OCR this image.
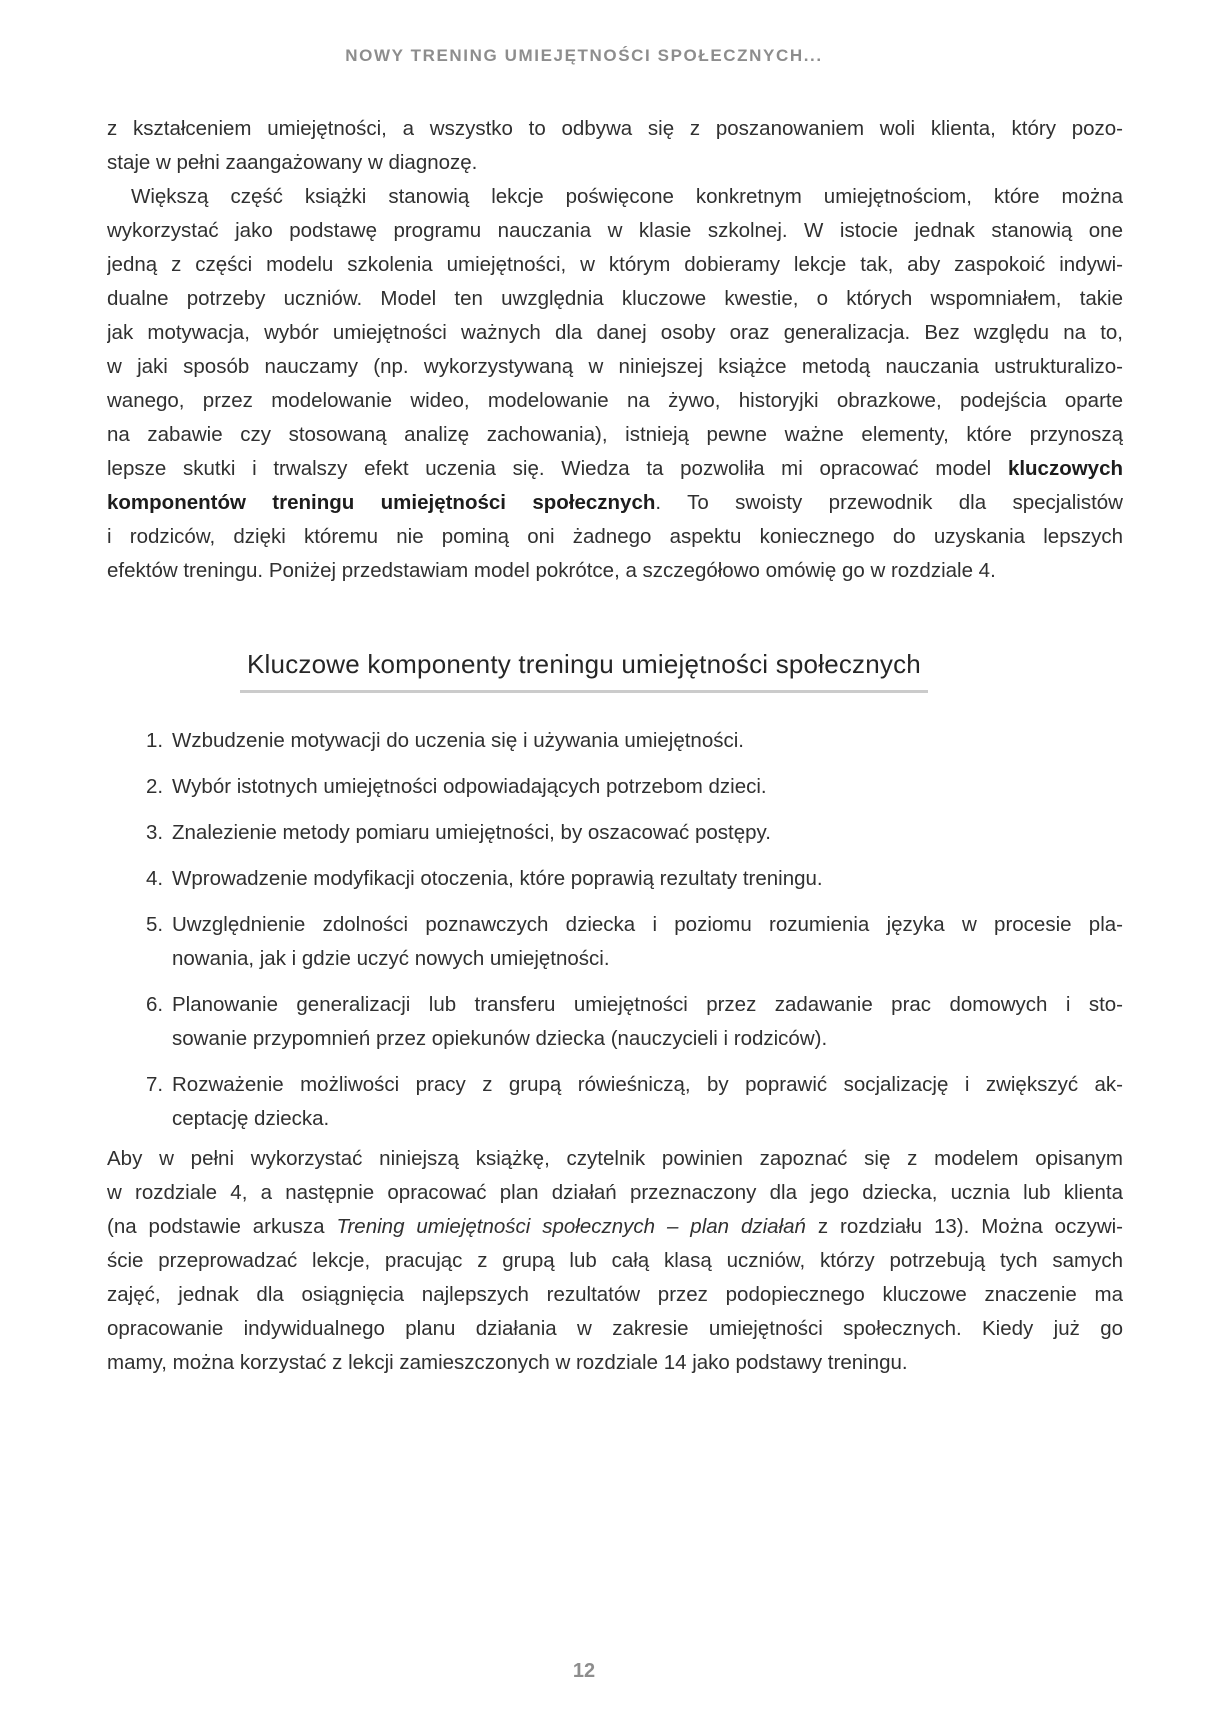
NOWY TRENING UMIEJĘTNOŚCI SPOŁECZNYCH...
z kształceniem umiejętności, a wszystko to odbywa się z poszanowaniem woli klienta, który pozo-
staje w pełni zaangażowany w diagnozę.
Większą część książki stanowią lekcje poświęcone konkretnym umiejętnościom, które można
wykorzystać jako podstawę programu nauczania w klasie szkolnej. W istocie jednak stanowią one
jedną z części modelu szkolenia umiejętności, w którym dobieramy lekcje tak, aby zaspokoić indywi-
dualne potrzeby uczniów. Model ten uwzględnia kluczowe kwestie, o których wspomniałem, takie
jak motywacja, wybór umiejętności ważnych dla danej osoby oraz generalizacja. Bez względu na to,
w jaki sposób nauczamy (np. wykorzystywaną w niniejszej książce metodą nauczania ustrukturalizo-
wanego, przez modelowanie wideo, modelowanie na żywo, historyjki obrazkowe, podejścia oparte
na zabawie czy stosowaną analizę zachowania), istnieją pewne ważne elementy, które przynoszą
lepsze skutki i trwalszy efekt uczenia się. Wiedza ta pozwoliła mi opracować model kluczowych
komponentów treningu umiejętności społecznych. To swoisty przewodnik dla specjalistów
i rodziców, dzięki któremu nie pominą oni żadnego aspektu koniecznego do uzyskania lepszych
efektów treningu. Poniżej przedstawiam model pokrótce, a szczegółowo omówię go w rozdziale 4.
Kluczowe komponenty treningu umiejętności społecznych
1. Wzbudzenie motywacji do uczenia się i używania umiejętności.
2. Wybór istotnych umiejętności odpowiadających potrzebom dzieci.
3. Znalezienie metody pomiaru umiejętności, by oszacować postępy.
4. Wprowadzenie modyfikacji otoczenia, które poprawią rezultaty treningu.
5. Uwzględnienie zdolności poznawczych dziecka i poziomu rozumienia języka w procesie pla-
nowania, jak i gdzie uczyć nowych umiejętności.
6. Planowanie generalizacji lub transferu umiejętności przez zadawanie prac domowych i sto-
sowanie przypomnień przez opiekunów dziecka (nauczycieli i rodziców).
7. Rozważenie możliwości pracy z grupą rówieśniczą, by poprawić socjalizację i zwiększyć ak-
ceptację dziecka.
Aby w pełni wykorzystać niniejszą książkę, czytelnik powinien zapoznać się z modelem opisanym
w rozdziale 4, a następnie opracować plan działań przeznaczony dla jego dziecka, ucznia lub klienta
(na podstawie arkusza Trening umiejętności społecznych – plan działań z rozdziału 13). Można oczywi-
ście przeprowadzać lekcje, pracując z grupą lub całą klasą uczniów, którzy potrzebują tych samych
zajęć, jednak dla osiągnięcia najlepszych rezultatów przez podopiecznego kluczowe znaczenie ma
opracowanie indywidualnego planu działania w zakresie umiejętności społecznych. Kiedy już go
mamy, można korzystać z lekcji zamieszczonych w rozdziale 14 jako podstawy treningu.
12
